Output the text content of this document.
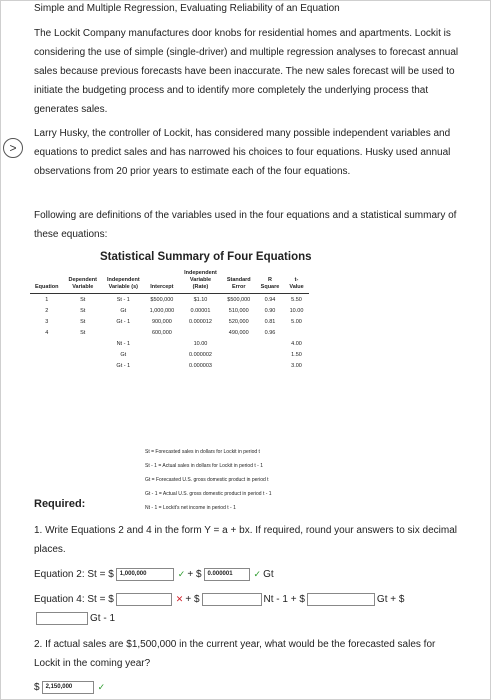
>
Simple and Multiple Regression, Evaluating Reliability of an Equation
The Lockit Company manufactures door knobs for residential homes and apartments. Lockit is considering the use of simple (single-driver) and multiple regression analyses to forecast annual sales because previous forecasts have been inaccurate. The new sales forecast will be used to initiate the budgeting process and to identify more completely the underlying process that generates sales.
Larry Husky, the controller of Lockit, has considered many possible independent variables and equations to predict sales and has narrowed his choices to four equations. Husky used annual observations from 20 prior years to estimate each of the four equations.
Following are definitions of the variables used in the four equations and a statistical summary of these equations:
Statistical Summary of Four Equations
				Independent			
	Dependent	Independent		Variable	Standard	R	t-
Equation	Variable	Variable (s)	Intercept	(Rate)	Error	Square	Value
1	St	St - 1	$500,000	$1.10	$500,000	0.94	5.50
2	St	Gt	1,000,000	0.00001	510,000	0.90	10.00
3	St	Gt - 1	900,000	0.000012	520,000	0.81	5.00
4	St		600,000		490,000	0.96	
		Nt - 1		10.00			4.00
		Gt		0.000002			1.50
		Gt - 1		0.000003			3.00
St = Forecasted sales in dollars for Lockit in period t
St - 1 = Actual sales in dollars for Lockit in period t - 1
Gt = Forecasted U.S. gross domestic product in period t
Gt - 1 = Actual U.S. gross domestic product in period t - 1
Nt - 1 = Lockit's net income in period t - 1
Required:
1. Write Equations 2 and 4 in the form Y = a + bx. If required, round your answers to six decimal places.
Equation 2: St = $	1,000,000	✓ + $	0.000001	✓ Gt
Equation 4: St = $	✕ + $	Nt - 1 + $	Gt + $
Gt - 1
2. If actual sales are $1,500,000 in the current year, what would be the forecasted sales for Lockit in the coming year?
$	2,150,000	✓
